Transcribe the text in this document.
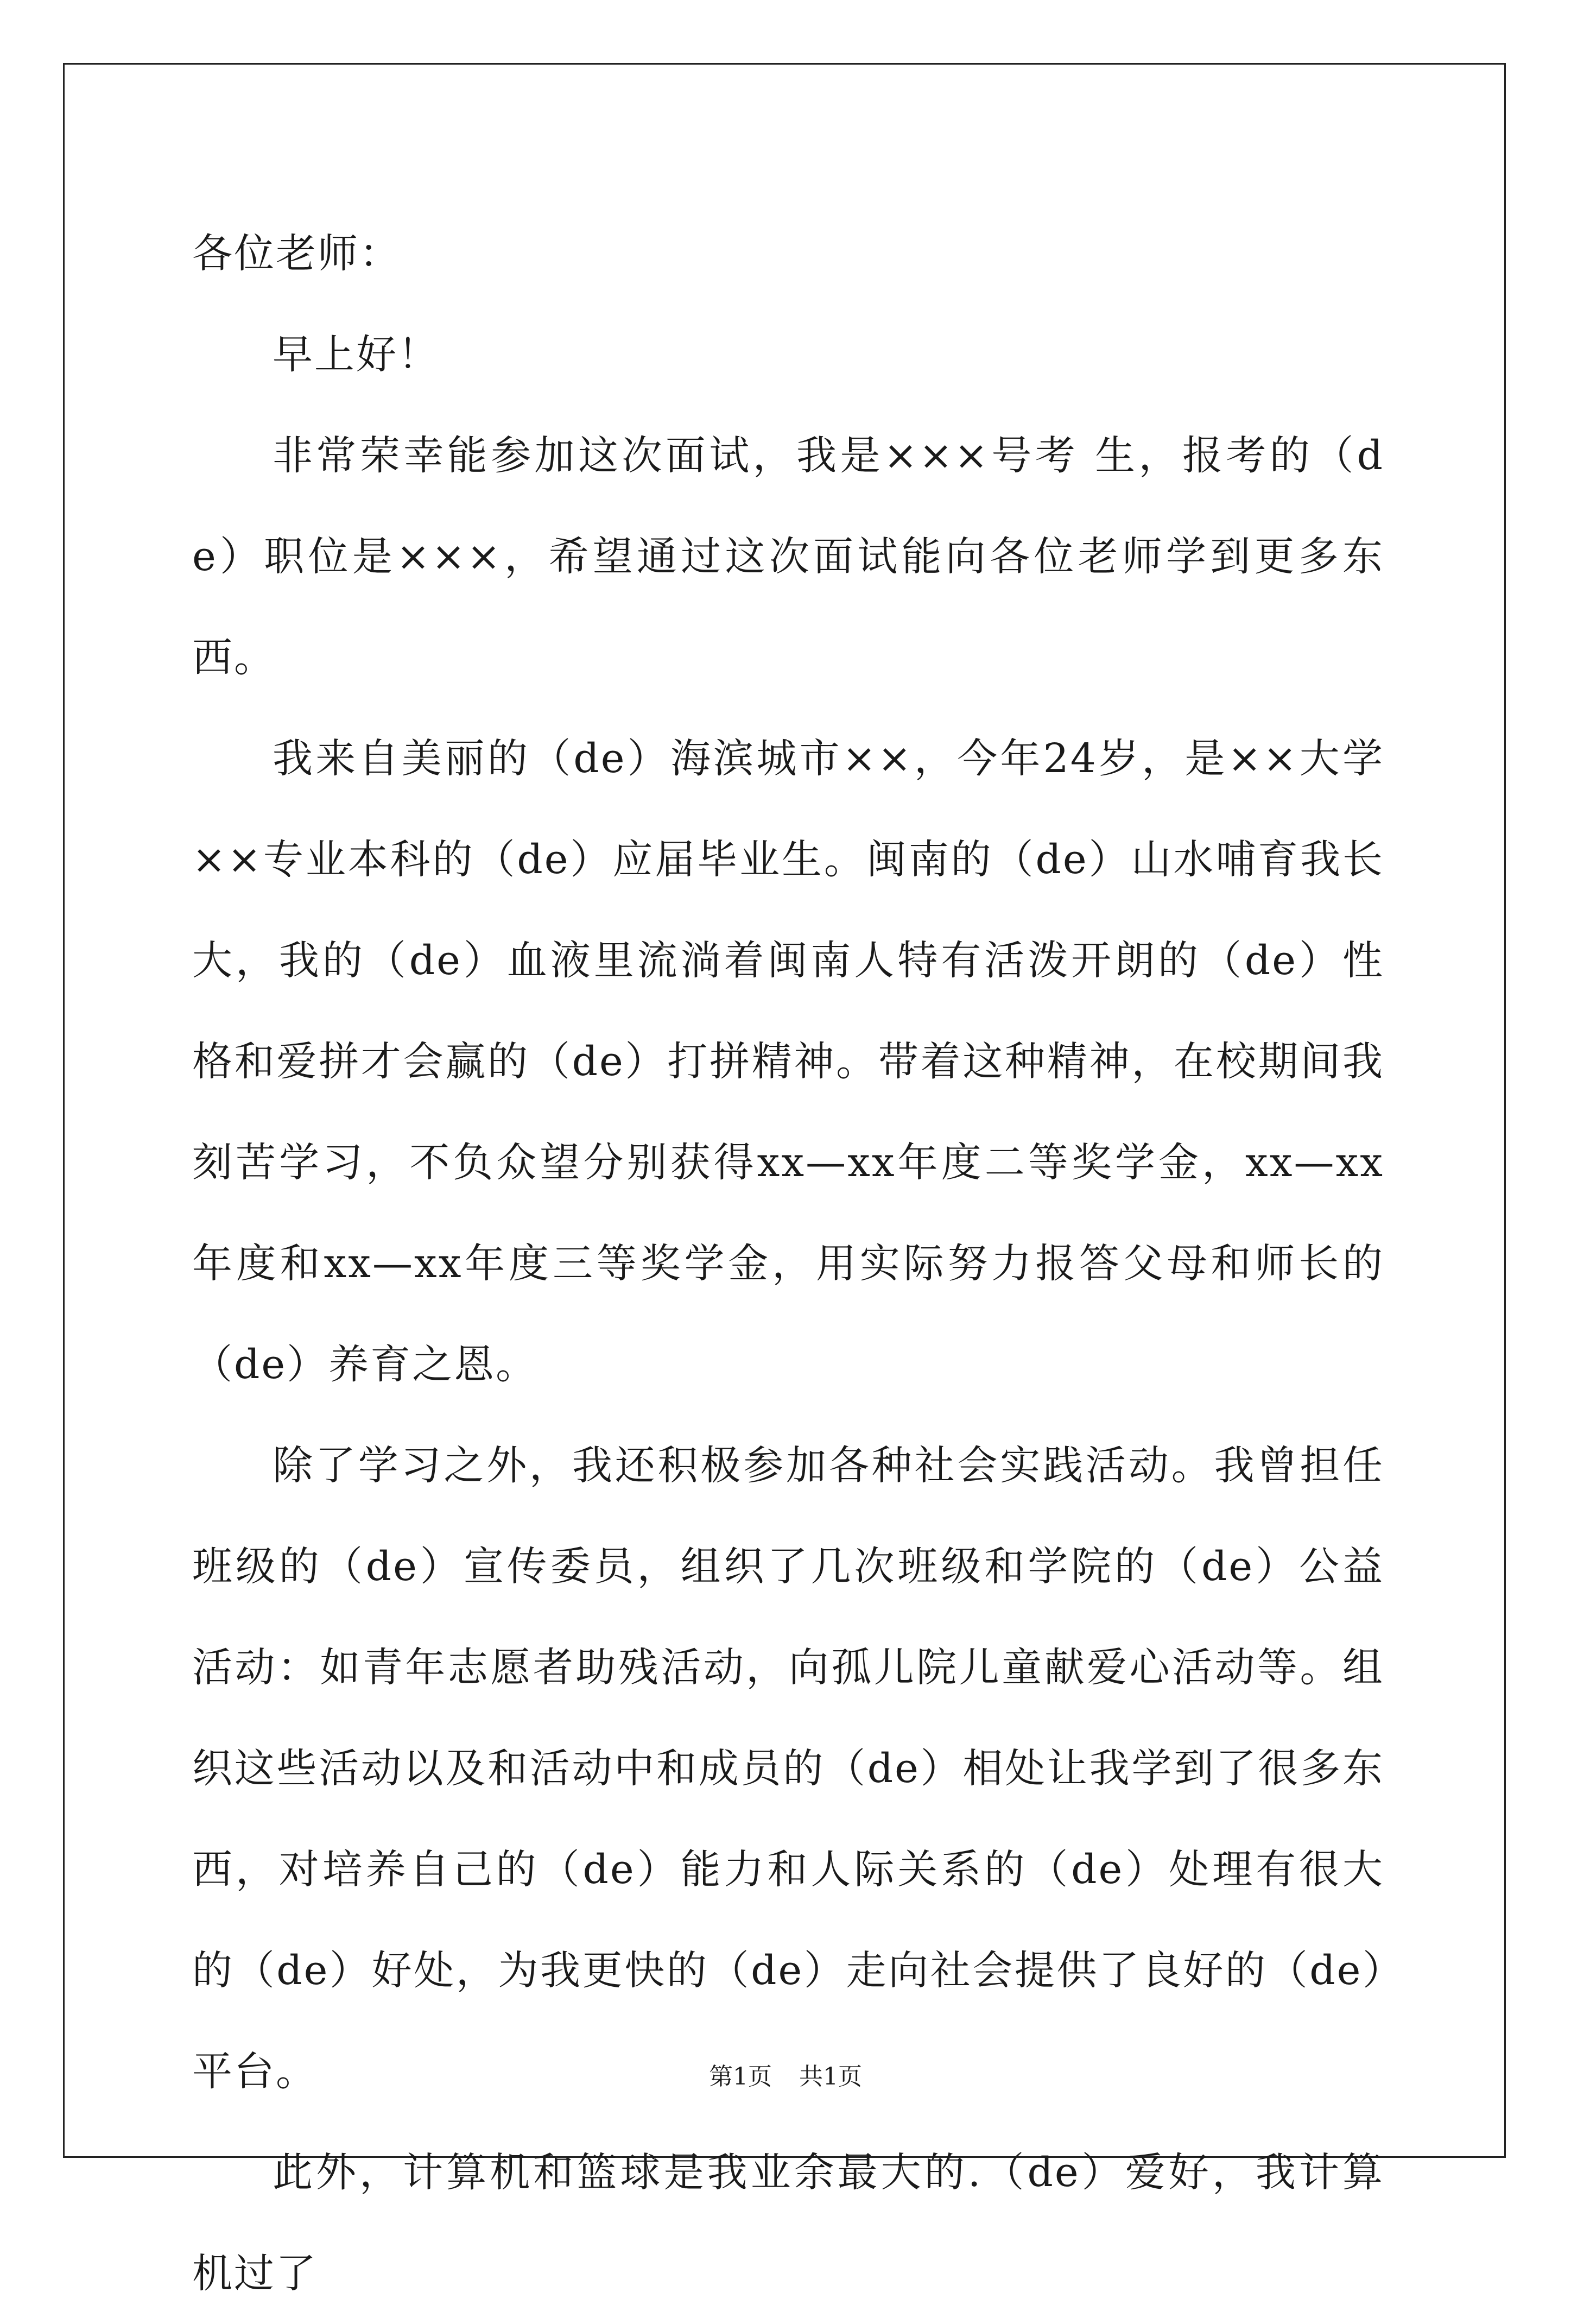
各位老师：

早上好！

非常荣幸能参加这次面试，我是×××号考 生，报考的（de）职位是×××，希望通过这次面试能向各位老师学到更多东西。

我来自美丽的（de）海滨城市××，今年24岁，是××大学××专业本科的（de）应届毕业生。闽南的（de）山水哺育我长大，我的（de）血液里流淌着闽南人特有活泼开朗的（de）性格和爱拼才会赢的（de）打拼精神。带着这种精神，在校期间我刻苦学习，不负众望分别获得xx—xx年度二等奖学金，xx—xx年度和xx—xx年度三等奖学金，用实际努力报答父母和师长的（de）养育之恩。

除了学习之外，我还积极参加各种社会实践活动。我曾担任班级的（de）宣传委员，组织了几次班级和学院的（de）公益活动：如青年志愿者助残活动，向孤儿院儿童献爱心活动等。组织这些活动以及和活动中和成员的（de）相处让我学到了很多东西，对培养自己的（de）能力和人际关系的（de）处理有很大的（de）好处，为我更快的（de）走向社会提供了良好的（de）平台。

此外，计算机和篮球是我业余最大的.（de）爱好，我计算机过了

第1页 共1页
